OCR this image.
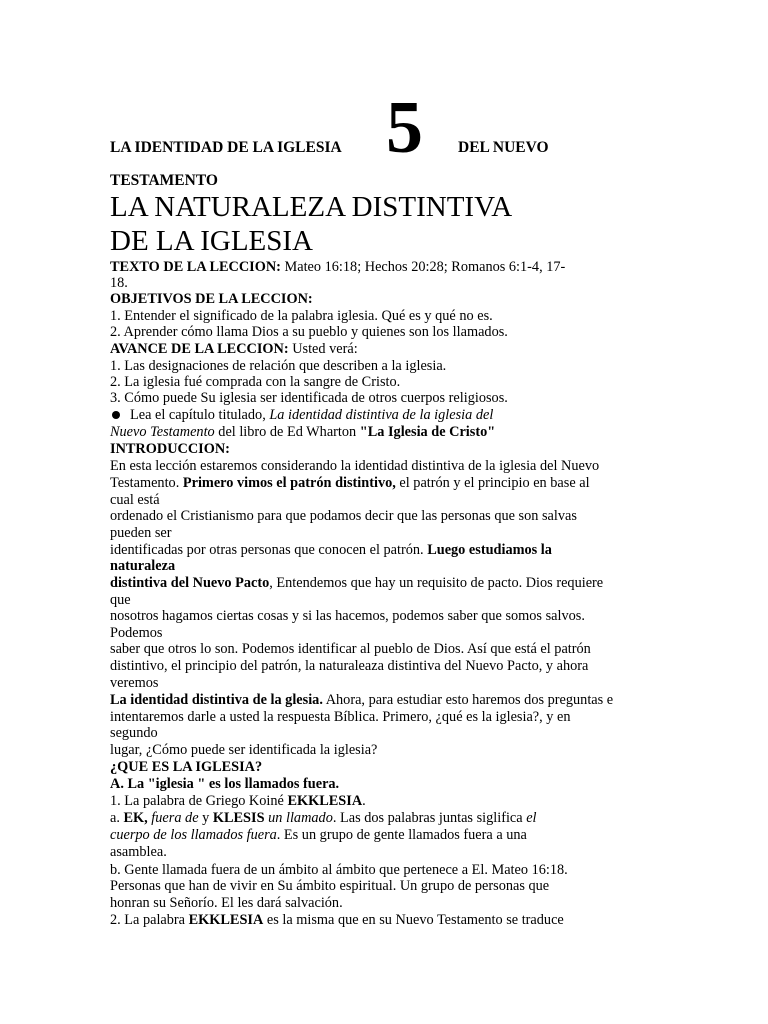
LA IDENTIDAD DE LA IGLESIA 5 DEL NUEVO
TESTAMENTO
LA NATURALEZA DISTINTIVA
DE LA IGLESIA
TEXTO DE LA LECCION: Mateo 16:18; Hechos 20:28; Romanos 6:1-4, 17-
18.
OBJETIVOS DE LA LECCION:
1. Entender el significado de la palabra iglesia. Qué es y qué no es.
2. Aprender cómo llama Dios a su pueblo y quienes son los llamados.
AVANCE DE LA LECCION: Usted verá:
1. Las designaciones de relación que describen a la iglesia.
2. La iglesia fué comprada con la sangre de Cristo.
3. Cómo puede Su iglesia ser identificada de otros cuerpos religiosos.
Lea el capítulo titulado, La identidad distintiva de la iglesia del
Nuevo Testamento del libro de Ed Wharton "La Iglesia de Cristo"
INTRODUCCION:
En esta lección estaremos considerando la identidad distintiva de la iglesia del Nuevo
Testamento. Primero vimos el patrón distintivo, el patrón y el principio en base al
cual está
ordenado el Cristianismo para que podamos decir que las personas que son salvas
pueden ser
identificadas por otras personas que conocen el patrón. Luego estudiamos la
naturaleza
distintiva del Nuevo Pacto, Entendemos que hay un requisito de pacto. Dios requiere
que
nosotros hagamos ciertas cosas y si las hacemos, podemos saber que somos salvos.
Podemos
saber que otros lo son. Podemos identificar al pueblo de Dios. Así que está el patrón
distintivo, el principio del patrón, la naturaleaza distintiva del Nuevo Pacto, y ahora
veremos
La identidad distintiva de la glesia. Ahora, para estudiar esto haremos dos preguntas e
intentaremos darle a usted la respuesta Bíblica. Primero, ¿qué es la iglesia?, y en
segundo
lugar, ¿Cómo puede ser identificada la iglesia?
¿QUE ES LA IGLESIA?
A. La "iglesia " es los llamados fuera.
1. La palabra de Griego Koiné EKKLESIA.
a. EK, fuera de y KLESIS un llamado. Las dos palabras juntas siglifica el
cuerpo de los llamados fuera. Es un grupo de gente llamados fuera a una
asamblea.
b. Gente llamada fuera de un ámbito al ámbito que pertenece a El. Mateo 16:18.
Personas que han de vivir en Su ámbito espiritual. Un grupo de personas que
honran su Señorío. El les dará salvación.
2. La palabra EKKLESIA es la misma que en su Nuevo Testamento se traduce
